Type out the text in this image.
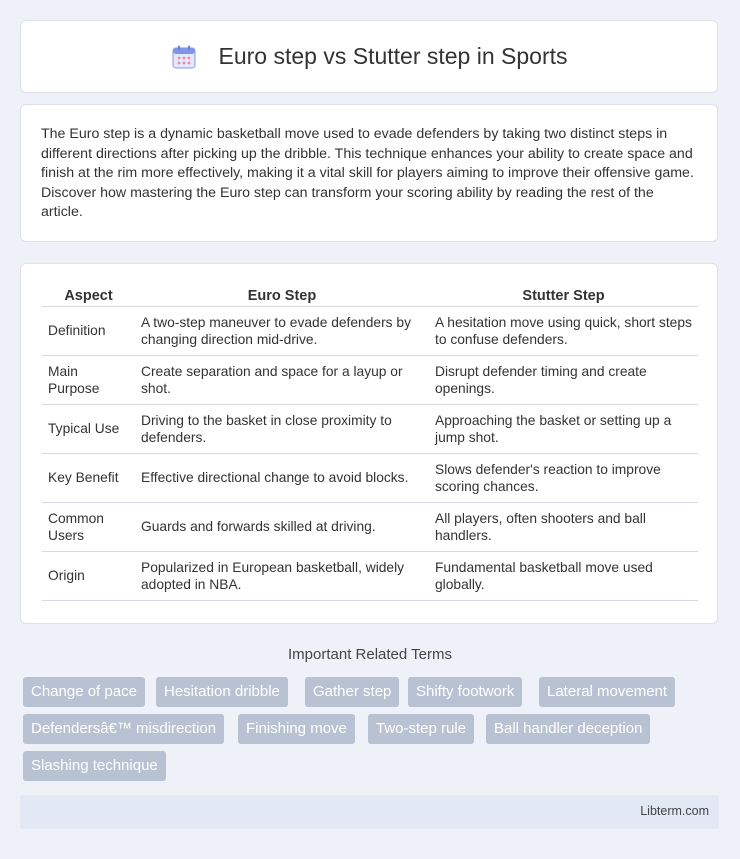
Euro step vs Stutter step in Sports

The Euro step is a dynamic basketball move used to evade defenders by taking two distinct steps in different directions after picking up the dribble. This technique enhances your ability to create space and finish at the rim more effectively, making it a vital skill for players aiming to improve their offensive game. Discover how mastering the Euro step can transform your scoring ability by reading the rest of the article.

Aspect	Euro Step	Stutter Step
Definition	A two-step maneuver to evade defenders by changing direction mid-drive.	A hesitation move using quick, short steps to confuse defenders.
Main Purpose	Create separation and space for a layup or shot.	Disrupt defender timing and create openings.
Typical Use	Driving to the basket in close proximity to defenders.	Approaching the basket or setting up a jump shot.
Key Benefit	Effective directional change to avoid blocks.	Slows defender's reaction to improve scoring chances.
Common Users	Guards and forwards skilled at driving.	All players, often shooters and ball handlers.
Origin	Popularized in European basketball, widely adopted in NBA.	Fundamental basketball move used globally.
Important Related Terms
Change of pace	Hesitation dribble	Gather step	Shifty footwork	Lateral movement
Defendersâ€™ misdirection	Finishing move	Two-step rule	Ball handler deception
Slashing technique
Libterm.com
